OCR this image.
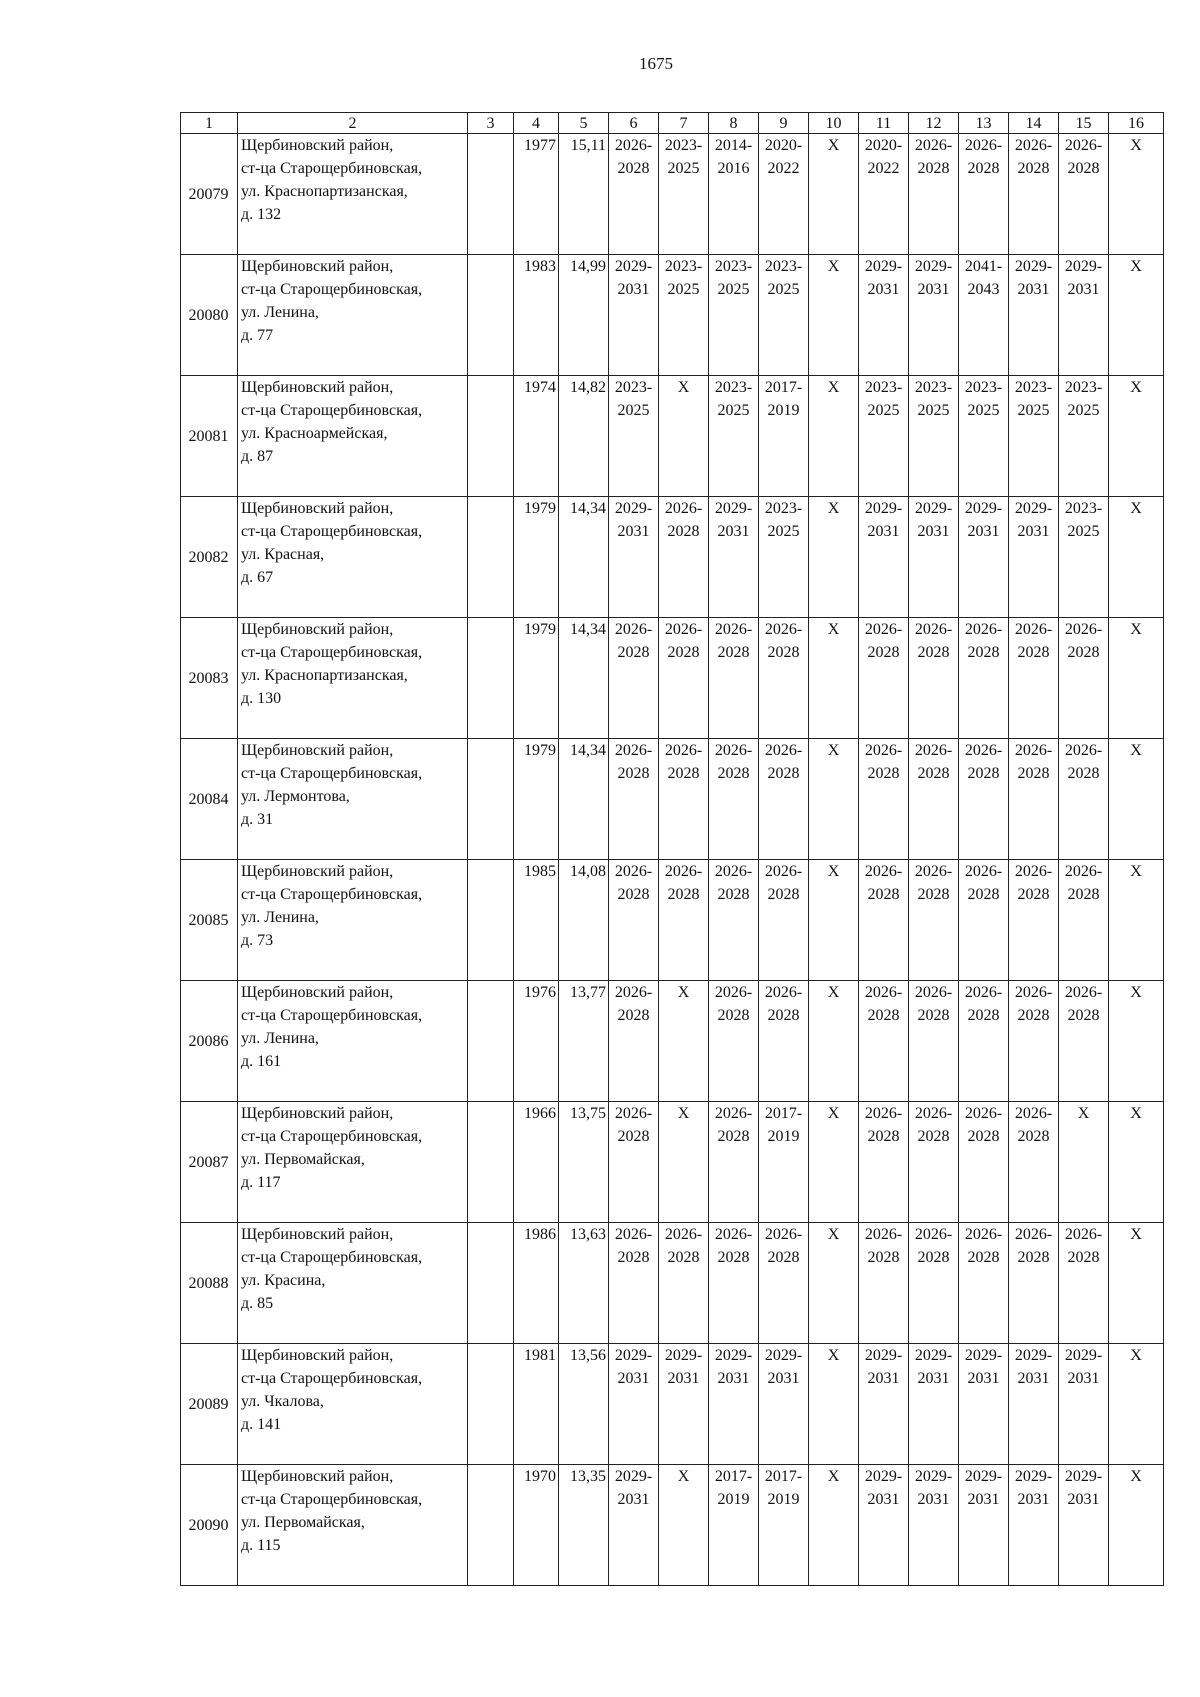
1675
1	2	3	4	5	6	7	8	9	10	11	12	13	14	15	16
20079	Щербиновский район,
ст-ца Старощербиновская,
ул. Краснопартизанская,
д. 132		1977	15,11	2026-
2028	2023-
2025	2014-
2016	2020-
2022	X	2020-
2022	2026-
2028	2026-
2028	2026-
2028	2026-
2028	X

20080	Щербиновский район,
ст-ца Старощербиновская,
ул. Ленина,
д. 77		1983	14,99	2029-
2031	2023-
2025	2023-
2025	2023-
2025	X	2029-
2031	2029-
2031	2041-
2043	2029-
2031	2029-
2031	X

20081	Щербиновский район,
ст-ца Старощербиновская,
ул. Красноармейская,
д. 87		1974	14,82	2023-
2025	X	2023-
2025	2017-
2019	X	2023-
2025	2023-
2025	2023-
2025	2023-
2025	2023-
2025	X

20082	Щербиновский район,
ст-ца Старощербиновская,
ул. Красная,
д. 67		1979	14,34	2029-
2031	2026-
2028	2029-
2031	2023-
2025	X	2029-
2031	2029-
2031	2029-
2031	2029-
2031	2023-
2025	X

20083	Щербиновский район,
ст-ца Старощербиновская,
ул. Краснопартизанская,
д. 130		1979	14,34	2026-
2028	2026-
2028	2026-
2028	2026-
2028	X	2026-
2028	2026-
2028	2026-
2028	2026-
2028	2026-
2028	X

20084	Щербиновский район,
ст-ца Старощербиновская,
ул. Лермонтова,
д. 31		1979	14,34	2026-
2028	2026-
2028	2026-
2028	2026-
2028	X	2026-
2028	2026-
2028	2026-
2028	2026-
2028	2026-
2028	X

20085	Щербиновский район,
ст-ца Старощербиновская,
ул. Ленина,
д. 73		1985	14,08	2026-
2028	2026-
2028	2026-
2028	2026-
2028	X	2026-
2028	2026-
2028	2026-
2028	2026-
2028	2026-
2028	X

20086	Щербиновский район,
ст-ца Старощербиновская,
ул. Ленина,
д. 161		1976	13,77	2026-
2028	X	2026-
2028	2026-
2028	X	2026-
2028	2026-
2028	2026-
2028	2026-
2028	2026-
2028	X

20087	Щербиновский район,
ст-ца Старощербиновская,
ул. Первомайская,
д. 117		1966	13,75	2026-
2028	X	2026-
2028	2017-
2019	X	2026-
2028	2026-
2028	2026-
2028	2026-
2028	X	X

20088	Щербиновский район,
ст-ца Старощербиновская,
ул. Красина,
д. 85		1986	13,63	2026-
2028	2026-
2028	2026-
2028	2026-
2028	X	2026-
2028	2026-
2028	2026-
2028	2026-
2028	2026-
2028	X

20089	Щербиновский район,
ст-ца Старощербиновская,
ул. Чкалова,
д. 141		1981	13,56	2029-
2031	2029-
2031	2029-
2031	2029-
2031	X	2029-
2031	2029-
2031	2029-
2031	2029-
2031	2029-
2031	X

20090	Щербиновский район,
ст-ца Старощербиновская,
ул. Первомайская,
д. 115		1970	13,35	2029-
2031	X	2017-
2019	2017-
2019	X	2029-
2031	2029-
2031	2029-
2031	2029-
2031	2029-
2031	X
